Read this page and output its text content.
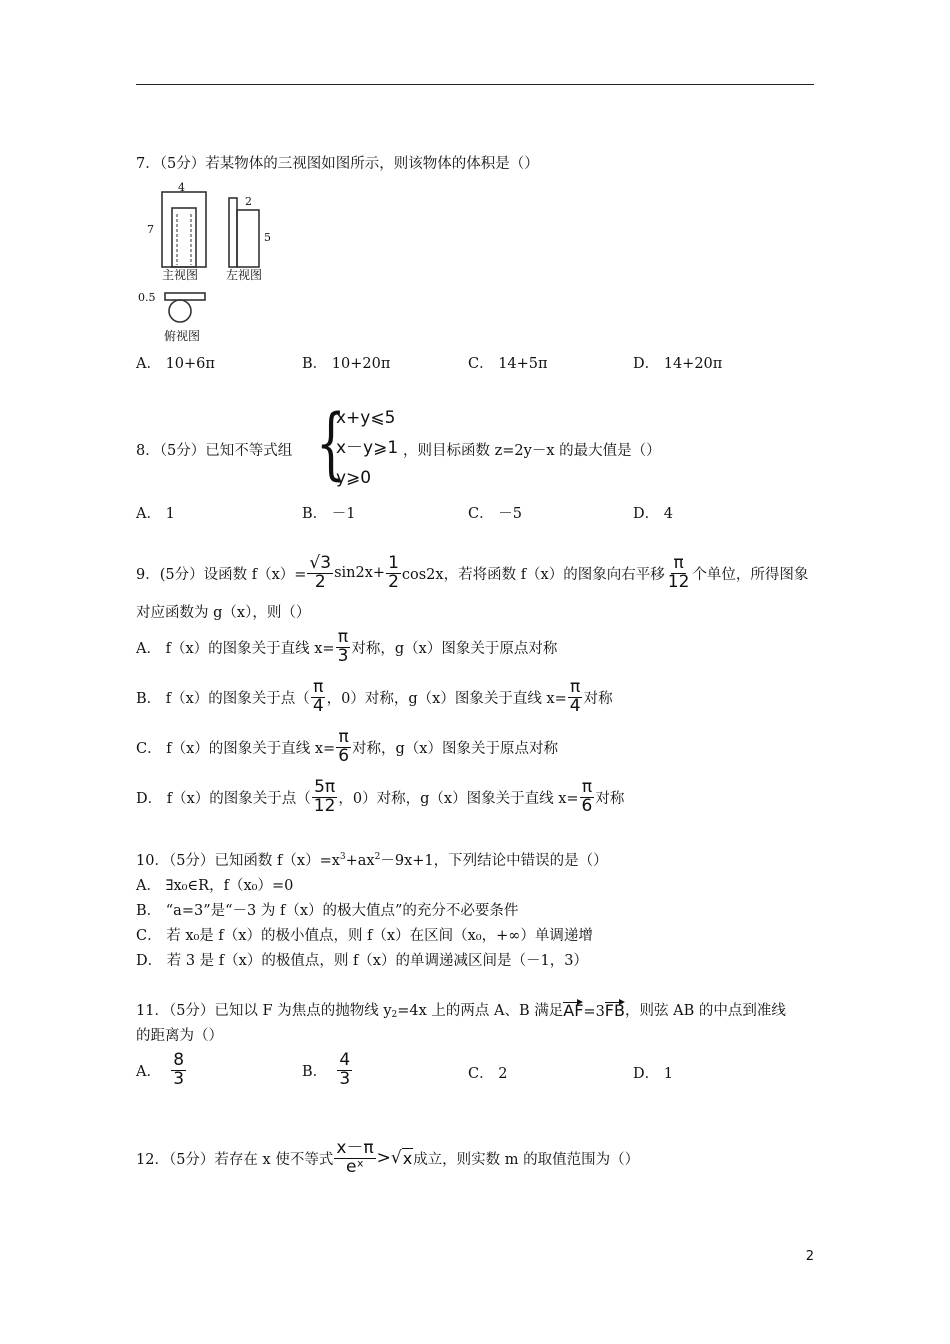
7．（5分）若某物体的三视图如图所示，则该物体的体积是（）
4
7
2
5
主视图 左视图
0.5
俯视图
A． 10+6π	B． 10+20π	C． 14+5π	D． 14+20π
8．（5分）已知不等式组 {
x+y⩽5
x－y⩾1
y⩾0
，则目标函数 z=2y－x 的最大值是（）
A． 1	B． －1	C． －5	D． 4
9．(5分）设函数 $f(x)= \frac{√3}{2} \sin 2x+ \frac{1}{2} \cos 2x$，若将函数 f（x）的图象向右平移 $\frac{\pi}{12}$ 个单位，所得图象
对应函数为 g（x），则（）
A． f（x）的图象关于直线 $x= \frac{\pi}{3}$ 对称，g（x）图象关于原点对称
B． f（x）的图象关于点（ $\frac{\pi}{4}$ ，0）对称，g（x）图象关于直线 $x= \frac{\pi}{4}$ 对称
C． f（x）的图象关于直线 $x= \frac{\pi}{6}$ 对称，g（x）图象关于原点对称
D． f（x）的图象关于点（ $\frac{5\pi}{12}$ ，0）对称，g（x）图象关于直线 $x= \frac{\pi}{6}$ 对称
10．（5分）已知函数 $f(x)=x^3+ax^2-9x+1$，下列结论中错误的是（）
A． ∃x₀∈R，f（x₀）=0
B． “a=3”是“－3 为 f（x）的极大值点”的充分不必要条件
C． 若 x₀是 f（x）的极小值点，则 f（x）在区间（x₀，+∞）单调递增
D． 若 3 是 f（x）的极值点，则 f（x）的单调递减区间是（－1，3）
11．（5分）已知以 F 为焦点的抛物线 $y_2 =4x$ 上的两点 A、B 满足 AF =3 FB ，则弦 AB 的中点到准线
的距离为（）
A．
$\frac{8}{3}$	B．
$\frac{4}{3}$	C． 2	D． 1
12．（5分）若存在 x 使不等式 $\frac{x-\pi}{\text{eˣ}}$ > √ x 成立，则实数 m 的取值范围为（）
2
